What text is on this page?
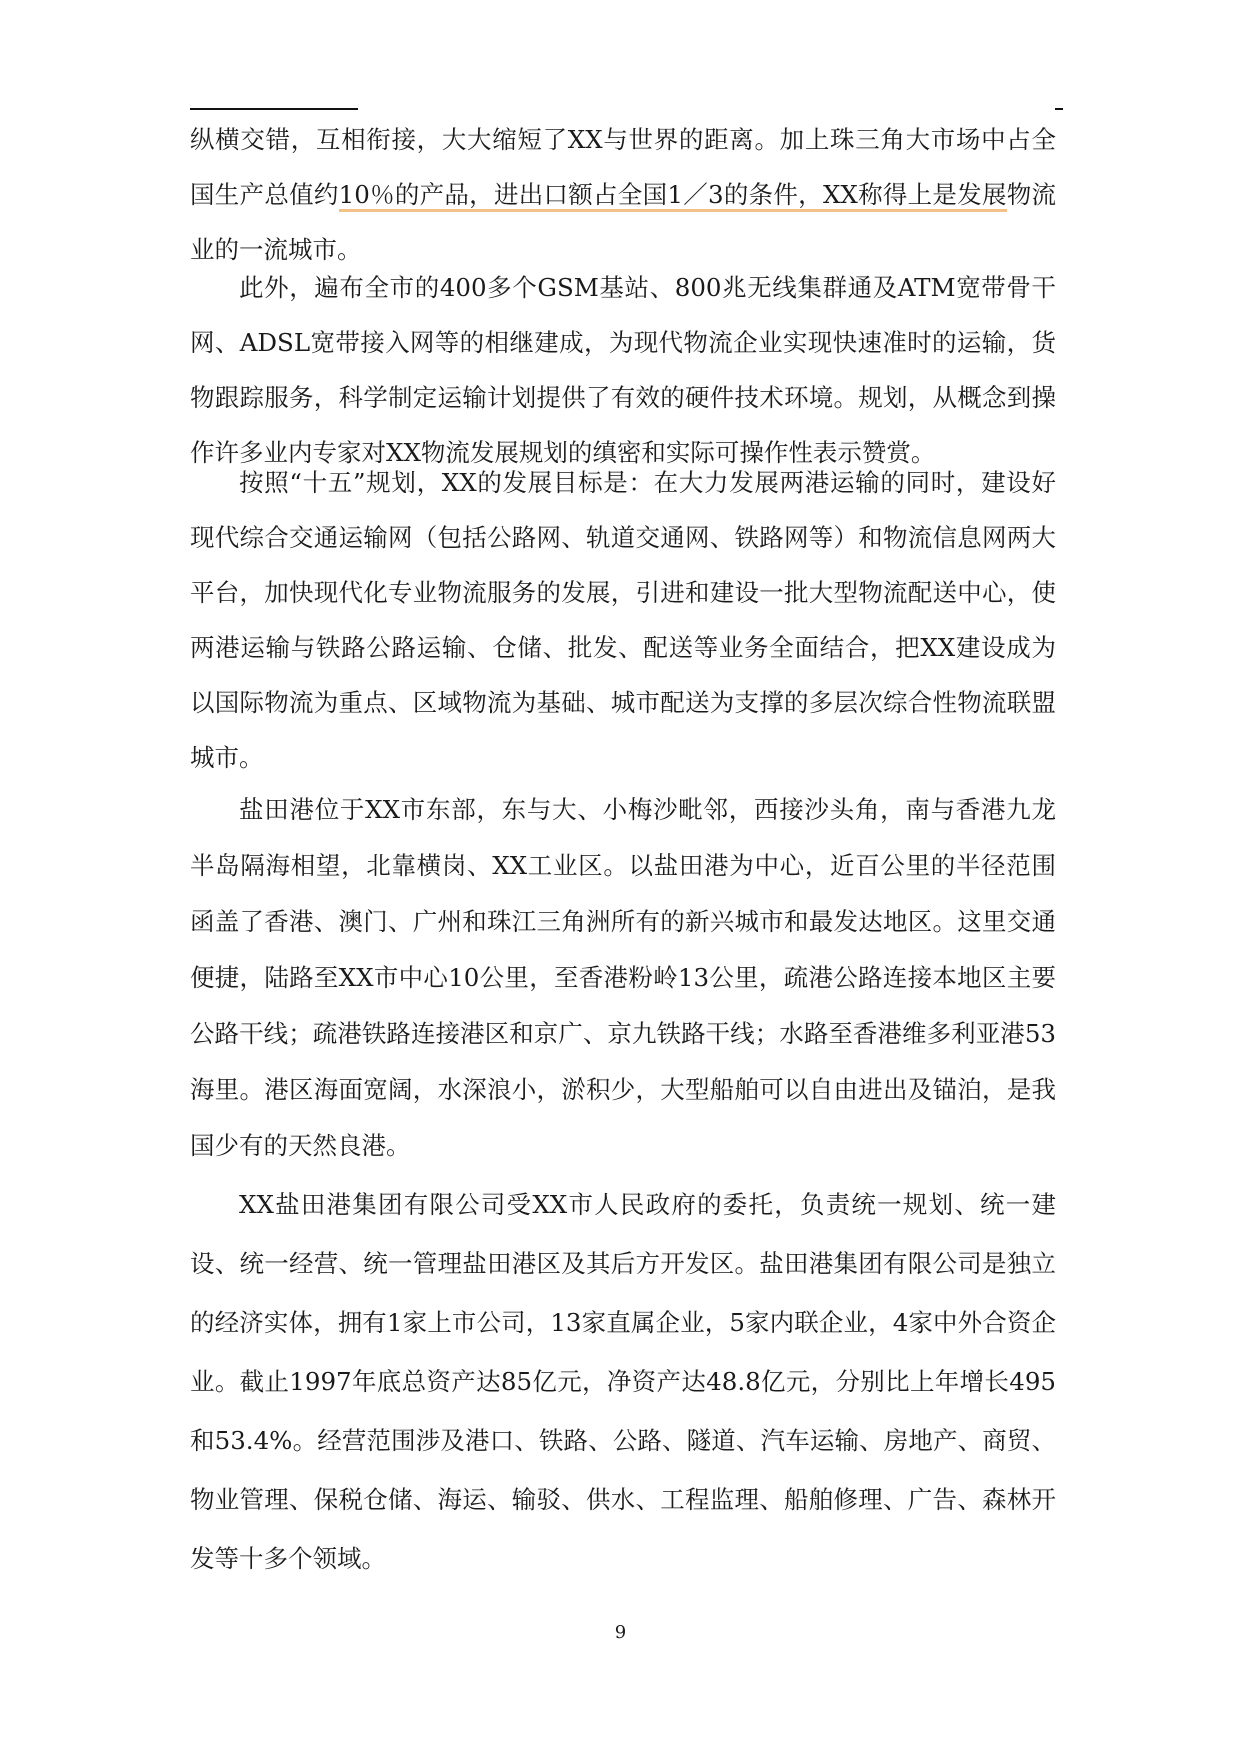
纵横交错，互相衔接，大大缩短了XX与世界的距离。加上珠三角大市场中占全国生产总值约10％的产品，进出口额占全国1／3的条件，XX称得上是发展物流业的一流城市。

此外，遍布全市的400多个GSM基站、800兆无线集群通及ATM宽带骨干网、ADSL宽带接入网等的相继建成，为现代物流企业实现快速准时的运输，货物跟踪服务，科学制定运输计划提供了有效的硬件技术环境。规划，从概念到操作许多业内专家对XX物流发展规划的缜密和实际可操作性表示赞赏。

按照“十五”规划，XX的发展目标是：在大力发展两港运输的同时，建设好现代综合交通运输网（包括公路网、轨道交通网、铁路网等）和物流信息网两大平台，加快现代化专业物流服务的发展，引进和建设一批大型物流配送中心，使两港运输与铁路公路运输、仓储、批发、配送等业务全面结合，把XX建设成为以国际物流为重点、区域物流为基础、城市配送为支撑的多层次综合性物流联盟城市。

盐田港位于XX市东部，东与大、小梅沙毗邻，西接沙头角，南与香港九龙半岛隔海相望，北靠横岗、XX工业区。以盐田港为中心，近百公里的半径范围函盖了香港、澳门、广州和珠江三角洲所有的新兴城市和最发达地区。这里交通便捷，陆路至XX市中心10公里，至香港粉岭13公里，疏港公路连接本地区主要公路干线；疏港铁路连接港区和京广、京九铁路干线；水路至香港维多利亚港53海里。港区海面宽阔，水深浪小，淤积少，大型船舶可以自由进出及锚泊，是我国少有的天然良港。

XX盐田港集团有限公司受XX市人民政府的委托，负责统一规划、统一建设、统一经营、统一管理盐田港区及其后方开发区。盐田港集团有限公司是独立的经济实体，拥有1家上市公司，13家直属企业，5家内联企业，4家中外合资企业。截止1997年底总资产达85亿元，净资产达48.8亿元，分别比上年增长495和53.4%。经营范围涉及港口、铁路、公路、隧道、汽车运输、房地产、商贸、物业管理、保税仓储、海运、输驳、供水、工程监理、船舶修理、广告、森林开发等十多个领域。

9
